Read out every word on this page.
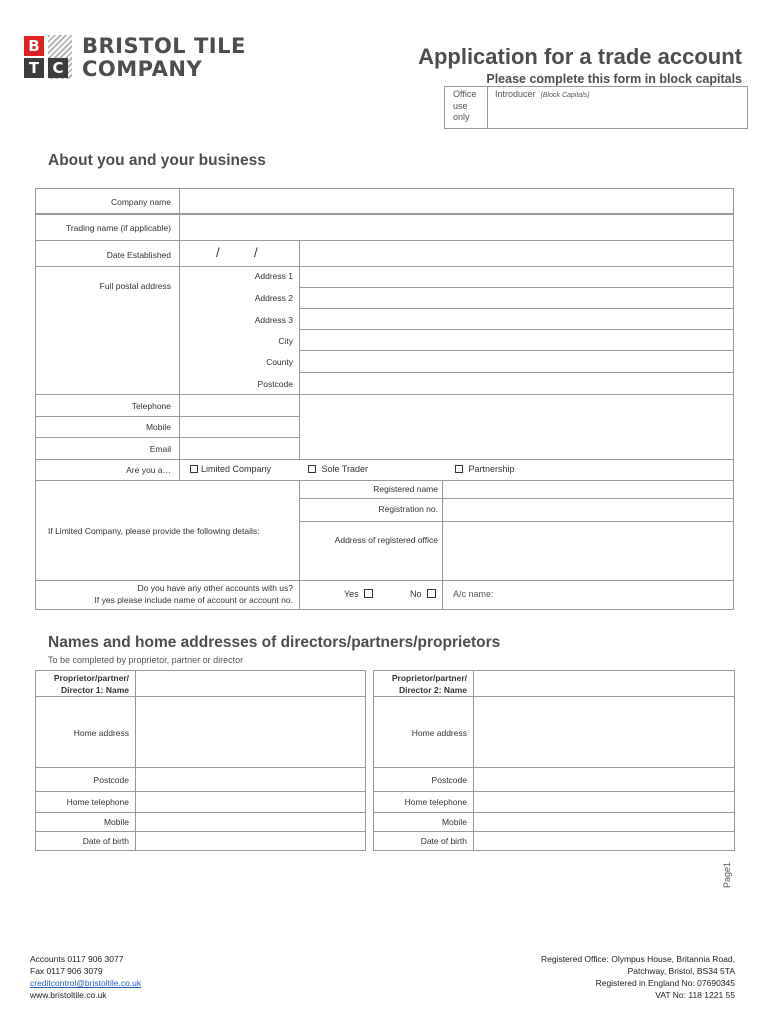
B
T C
BRISTOL TILE
COMPANY	Application for a trade account
Please complete this form in block capitals
Office
use
only
Introducer (Block Capitals)
About you and your business
Company name
Trading name (if applicable)
Date Established	/	/
Full postal address
Address 1
Address 2
Address 3
City
County
Postcode
Telephone
Mobile
Email
Are you a…	Limited Company	Sole Trader	Partnership
If Limited Company, please provide the following details:
Registered name
Registration no.
Address of registered office
Do you have any other accounts with us?
If yes please include name of account or account no.
Yes	No	A/c name:
Names and home addresses of directors/partners/proprietors
To be completed by proprietor, partner or director
Proprietor/partner/
Director 1: Name
Home address
Postcode
Home telephone
Mobile
Date of birth
Proprietor/partner/
Director 2: Name
Home address
Postcode
Home telephone
Mobile
Date of birth
Page1
Accounts 0117 906 3077
Fax 0117 906 3079
creditcontrol@bristoltile.co.uk
www.bristoltile.co.uk
Registered Office: Olympus House, Britannia Road,
Patchway, Bristol, BS34 5TA
Registered in England No: 07690345
VAT No: 118 1221 55
